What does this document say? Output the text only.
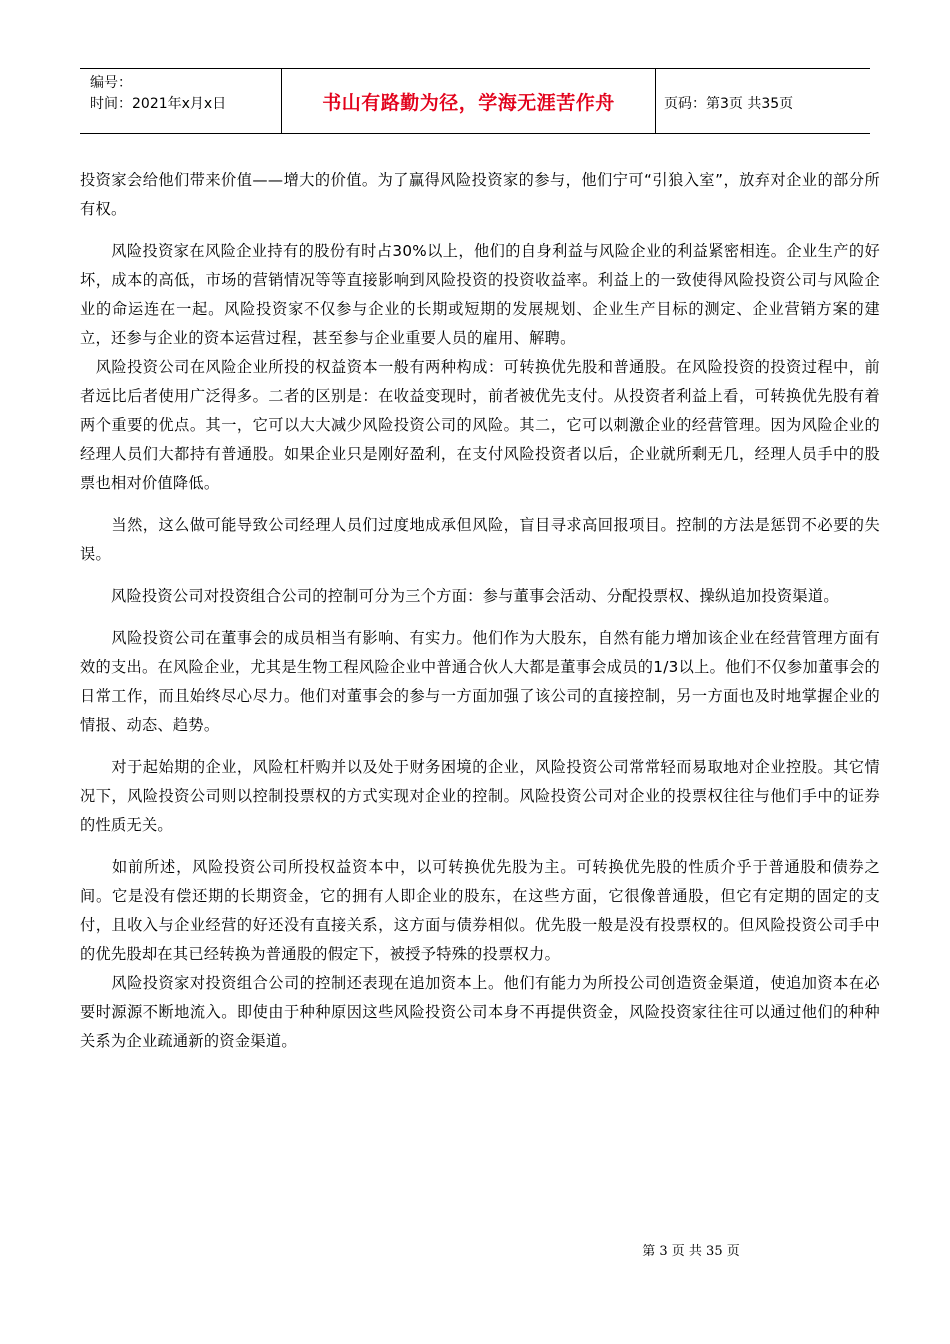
编号：
时间：2021年x月x日	书山有路勤为径，学海无涯苦作舟	页码：第3页 共35页

投资家会给他们带来价值——增大的价值。为了赢得风险投资家的参与，他们宁可“引狼入室”，放弃对企业的部分所有权。

　　风险投资家在风险企业持有的股份有时占30%以上，他们的自身利益与风险企业的利益紧密相连。企业生产的好坏，成本的高低，市场的营销情况等等直接影响到风险投资的投资收益率。利益上的一致使得风险投资公司与风险企业的命运连在一起。风险投资家不仅参与企业的长期或短期的发展规划、企业生产目标的测定、企业营销方案的建立，还参与企业的资本运营过程，甚至参与企业重要人员的雇用、解聘。

　风险投资公司在风险企业所投的权益资本一般有两种构成：可转换优先股和普通股。在风险投资的投资过程中，前者远比后者使用广泛得多。二者的区别是：在收益变现时，前者被优先支付。从投资者利益上看，可转换优先股有着两个重要的优点。其一，它可以大大减少风险投资公司的风险。其二，它可以刺激企业的经营管理。因为风险企业的经理人员们大都持有普通股。如果企业只是刚好盈利，在支付风险投资者以后，企业就所剩无几，经理人员手中的股票也相对价值降低。

　　当然，这么做可能导致公司经理人员们过度地成承但风险，盲目寻求高回报项目。控制的方法是惩罚不必要的失误。

　　风险投资公司对投资组合公司的控制可分为三个方面：参与董事会活动、分配投票权、操纵追加投资渠道。

　　风险投资公司在董事会的成员相当有影响、有实力。他们作为大股东，自然有能力增加该企业在经营管理方面有效的支出。在风险企业，尤其是生物工程风险企业中普通合伙人大都是董事会成员的1/3以上。他们不仅参加董事会的日常工作，而且始终尽心尽力。他们对董事会的参与一方面加强了该公司的直接控制，另一方面也及时地掌握企业的情报、动态、趋势。

　　对于起始期的企业，风险杠杆购并以及处于财务困境的企业，风险投资公司常常轻而易取地对企业控股。其它情况下，风险投资公司则以控制投票权的方式实现对企业的控制。风险投资公司对企业的投票权往往与他们手中的证券的性质无关。

　　如前所述，风险投资公司所投权益资本中，以可转换优先股为主。可转换优先股的性质介乎于普通股和债券之间。它是没有偿还期的长期资金，它的拥有人即企业的股东，在这些方面，它很像普通股，但它有定期的固定的支付，且收入与企业经营的好还没有直接关系，这方面与债券相似。优先股一般是没有投票权的。但风险投资公司手中的优先股却在其已经转换为普通股的假定下，被授予特殊的投票权力。

　　风险投资家对投资组合公司的控制还表现在追加资本上。他们有能力为所投公司创造资金渠道，使追加资本在必要时源源不断地流入。即使由于种种原因这些风险投资公司本身不再提供资金，风险投资家往往可以通过他们的种种关系为企业疏通新的资金渠道。

第 3 页 共 35 页
